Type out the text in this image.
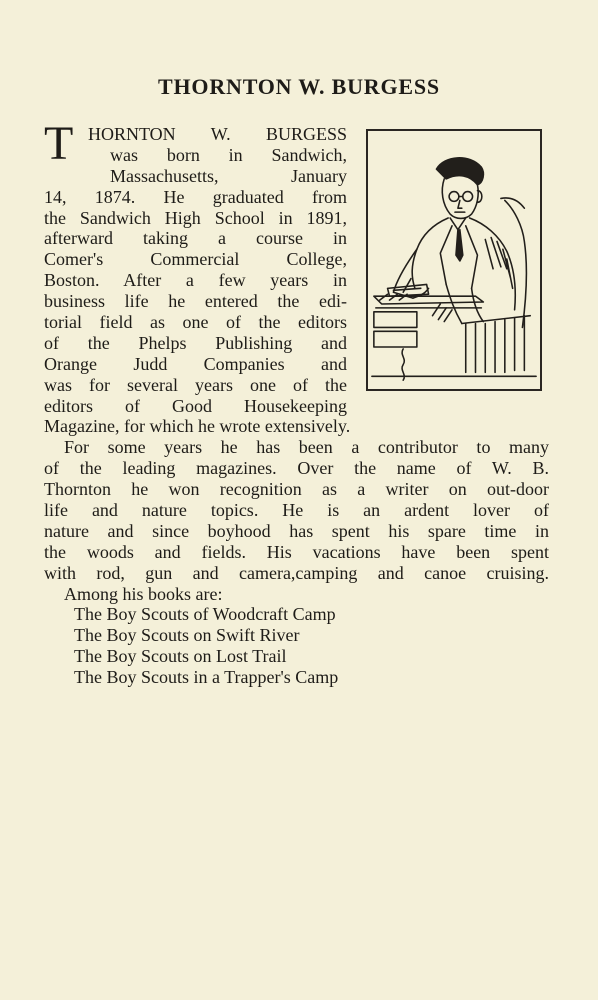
THORNTON W. BURGESS
T HORNTON W. BURGESS
was born in Sandwich,
Massachusetts, January
14, 1874. He graduated from
the Sandwich High School in 1891,
afterward taking a course in
Comer's Commercial College,
Boston. After a few years in
business life he entered the edi-
torial field as one of the editors
of the Phelps Publishing and
Orange Judd Companies and
was for several years one of the
editors of Good Housekeeping
Magazine, for which he wrote extensively.
For some years he has been a contributor to many
of the leading magazines. Over the name of W. B.
Thornton he won recognition as a writer on out-door
life and nature topics. He is an ardent lover of
nature and since boyhood has spent his spare time in
the woods and fields. His vacations have been spent
with rod, gun and camera,camping and canoe cruising.
Among his books are:
The Boy Scouts of Woodcraft Camp
The Boy Scouts on Swift River
The Boy Scouts on Lost Trail
The Boy Scouts in a Trapper's Camp
